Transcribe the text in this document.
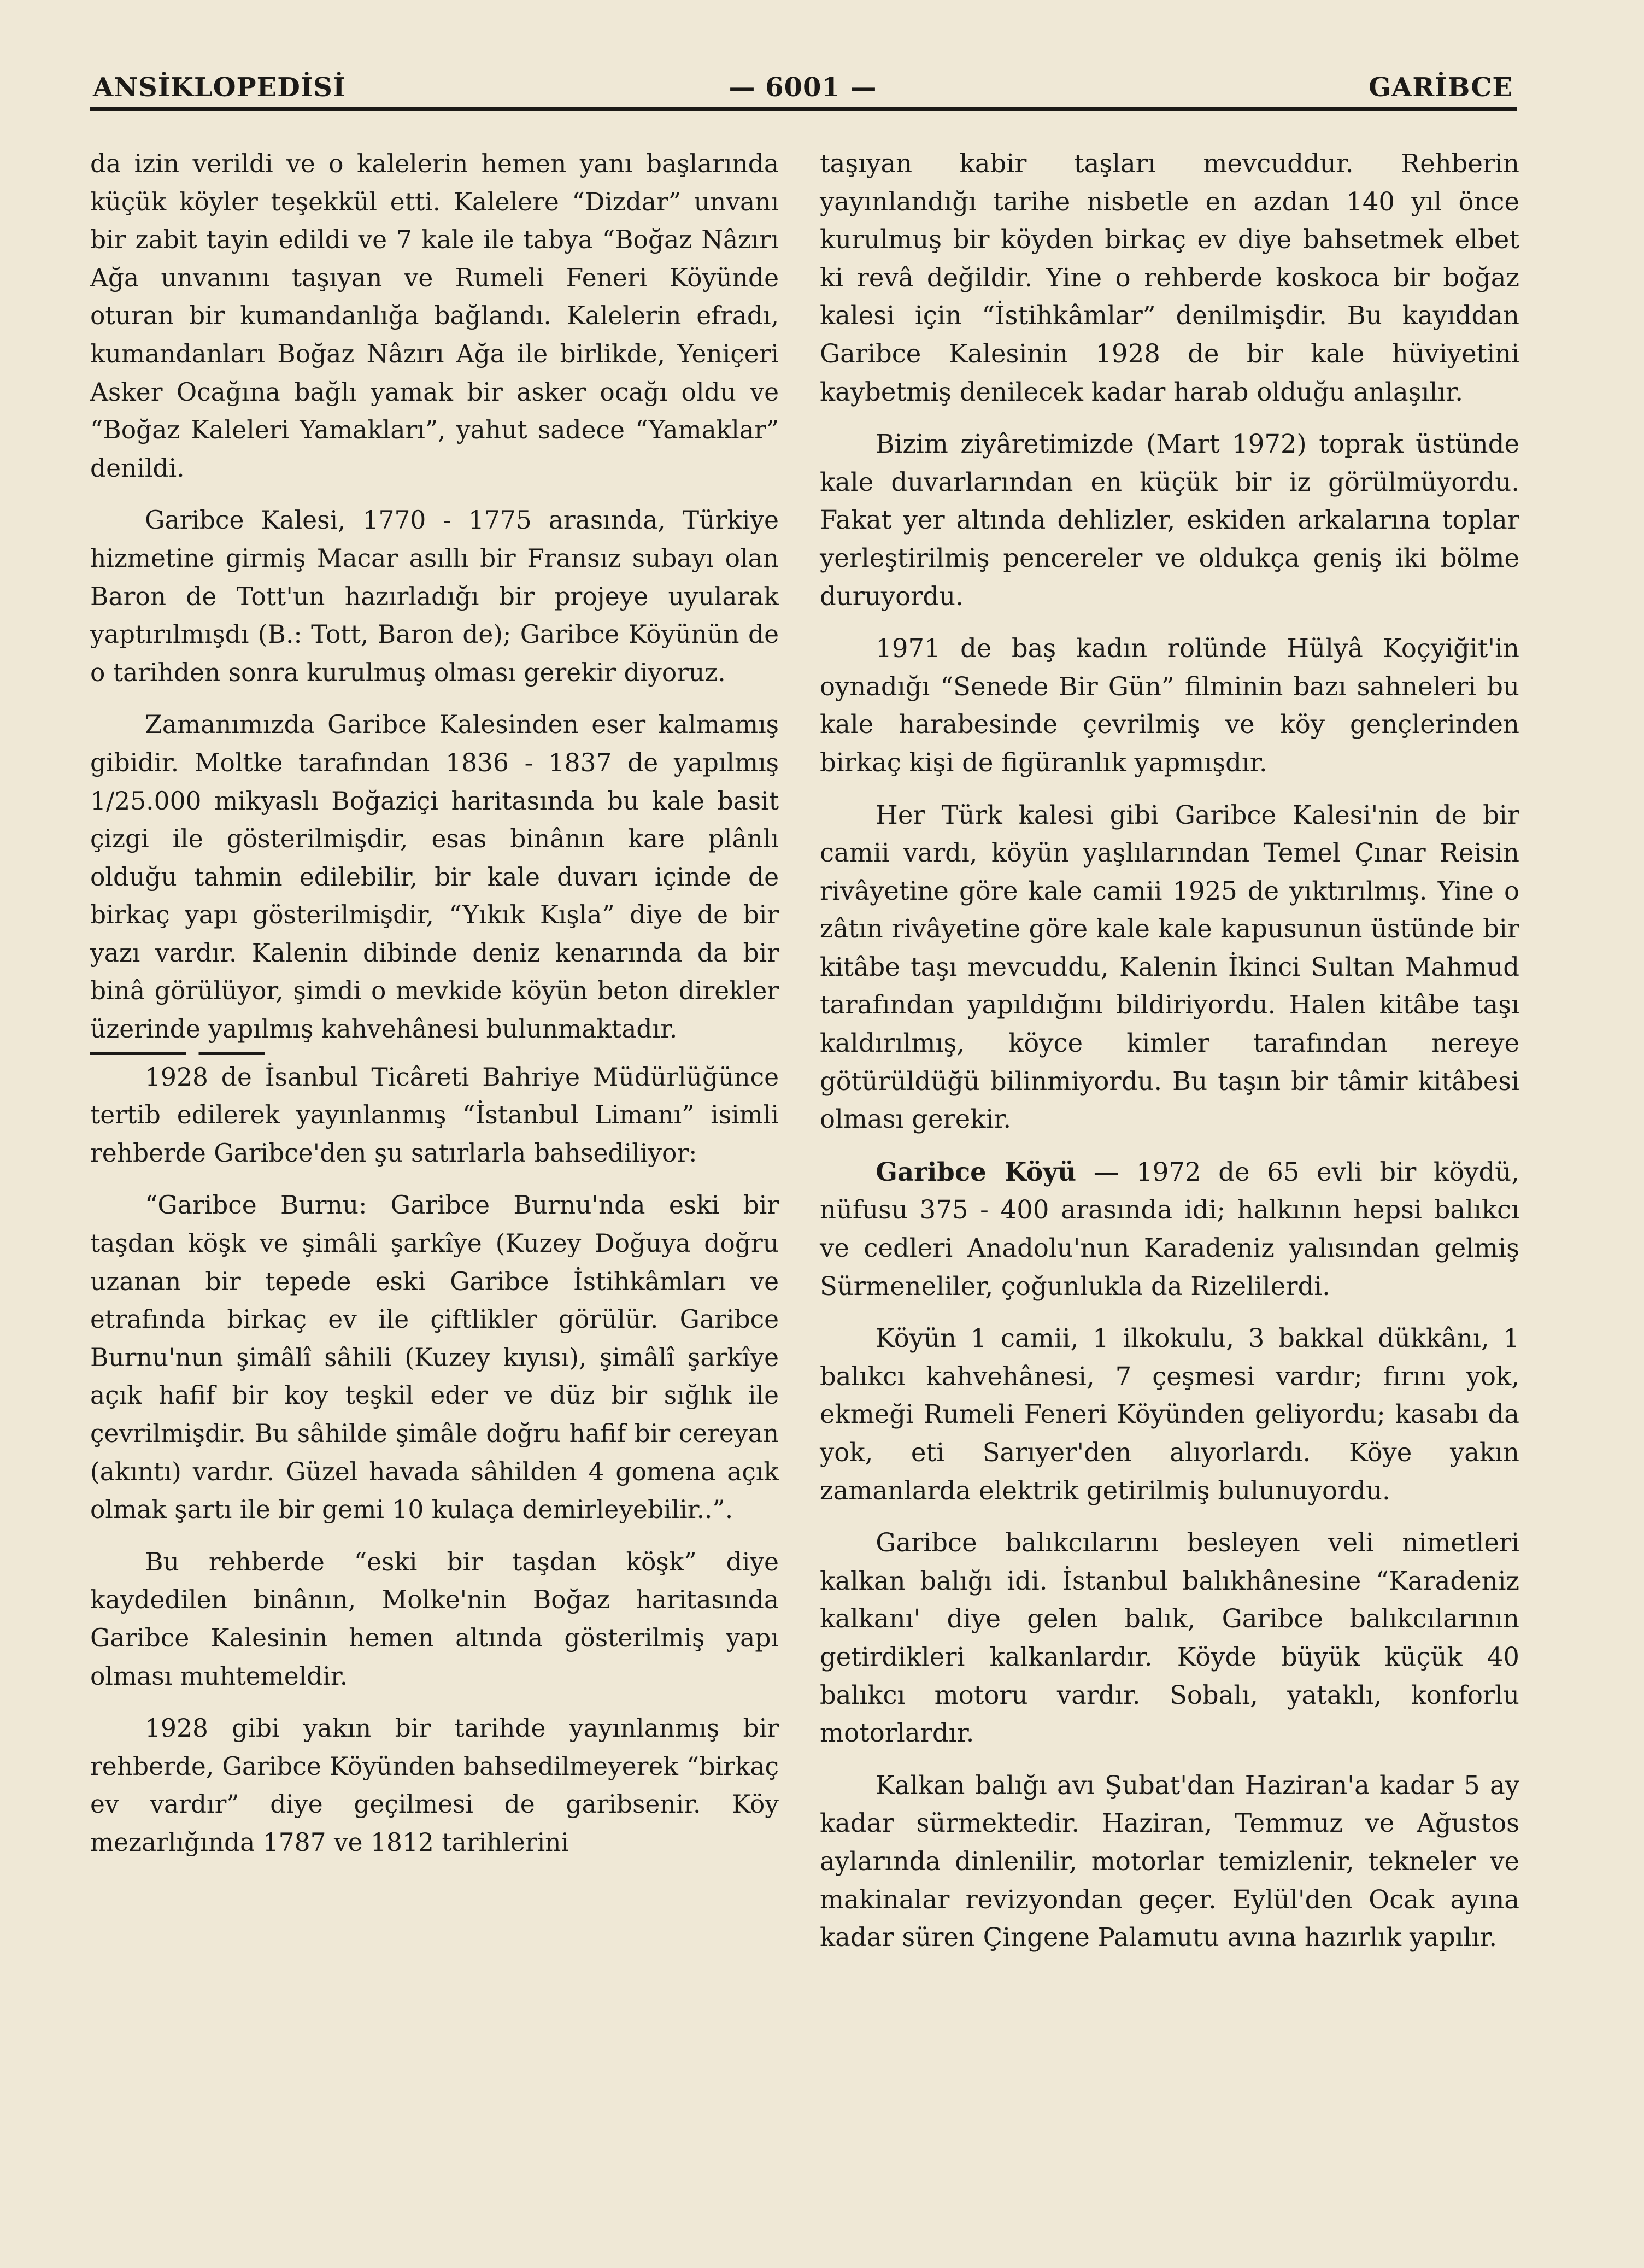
ANSİKLOPEDİSİ	— 6001 —	GARİBCE

da izin verildi ve o kalelerin hemen yanı başlarında küçük köyler teşekkül etti. Kalelere “Dizdar” unvanı bir zabit tayin edildi ve 7 kale ile tabya “Boğaz Nâzırı Ağa unvanını taşıyan ve Rumeli Feneri Köyünde oturan bir kumandanlığa bağlandı. Kalelerin efradı, kumandanları Boğaz Nâzırı Ağa ile birlikde, Yeniçeri Asker Ocağına bağlı yamak bir asker ocağı oldu ve “Boğaz Kaleleri Yamakları”, yahut sadece “Yamaklar” denildi.

Garibce Kalesi, 1770 - 1775 arasında, Türkiye hizmetine girmiş Macar asıllı bir Fransız subayı olan Baron de Tott'un hazırladığı bir projeye uyularak yaptırılmışdı (B.: Tott, Baron de); Garibce Köyünün de o tarihden sonra kurulmuş olması gerekir diyoruz.

Zamanımızda Garibce Kalesinden eser kalmamış gibidir. Moltke tarafından 1836 - 1837 de yapılmış 1/25.000 mikyaslı Boğaziçi haritasında bu kale basit çizgi ile gösterilmişdir, esas binânın kare plânlı olduğu tahmin edilebilir, bir kale duvarı içinde de birkaç yapı gösterilmişdir, “Yıkık Kışla” diye de bir yazı vardır. Kalenin dibinde deniz kenarında da bir binâ görülüyor, şimdi o mevkide köyün beton direkler üzerinde yapılmış kahvehânesi bulunmaktadır.

1928 de İsanbul Ticâreti Bahriye Müdürlüğünce tertib edilerek yayınlanmış “İstanbul Limanı” isimli rehberde Garibce'den şu satırlarla bahsediliyor:

“Garibce Burnu: Garibce Burnu'nda eski bir taşdan köşk ve şimâli şarkîye (Kuzey Doğuya doğru uzanan bir tepede eski Garibce İstihkâmları ve etrafında birkaç ev ile çiftlikler görülür. Garibce Burnu'nun şimâlî sâhili (Kuzey kıyısı), şimâlî şarkîye açık hafif bir koy teşkil eder ve düz bir sığlık ile çevrilmişdir. Bu sâhilde şimâle doğru hafif bir cereyan (akıntı) vardır. Güzel havada sâhilden 4 gomena açık olmak şartı ile bir gemi 10 kulaça demirleyebilir..”.

Bu rehberde “eski bir taşdan köşk” diye kaydedilen binânın, Molke'nin Boğaz haritasında Garibce Kalesinin hemen altında gösterilmiş yapı olması muhtemeldir.

1928 gibi yakın bir tarihde yayınlanmış bir rehberde, Garibce Köyünden bahsedilmeyerek “birkaç ev vardır” diye geçilmesi de garibsenir. Köy mezarlığında 1787 ve 1812 tarihlerini

taşıyan kabir taşları mevcuddur. Rehberin yayınlandığı tarihe nisbetle en azdan 140 yıl önce kurulmuş bir köyden birkaç ev diye bahsetmek elbet ki revâ değildir. Yine o rehberde koskoca bir boğaz kalesi için “İstihkâmlar” denilmişdir. Bu kayıddan Garibce Kalesinin 1928 de bir kale hüviyetini kaybetmiş denilecek kadar harab olduğu anlaşılır.

Bizim ziyâretimizde (Mart 1972) toprak üstünde kale duvarlarından en küçük bir iz görülmüyordu. Fakat yer altında dehlizler, eskiden arkalarına toplar yerleştirilmiş pencereler ve oldukça geniş iki bölme duruyordu.

1971 de baş kadın rolünde Hülyâ Koçyiğit'in oynadığı “Senede Bir Gün” filminin bazı sahneleri bu kale harabesinde çevrilmiş ve köy gençlerinden birkaç kişi de figüranlık yapmışdır.

Her Türk kalesi gibi Garibce Kalesi'nin de bir camii vardı, köyün yaşlılarından Temel Çınar Reisin rivâyetine göre kale camii 1925 de yıktırılmış. Yine o zâtın rivâyetine göre kale kale kapusunun üstünde bir kitâbe taşı mevcuddu, Kalenin İkinci Sultan Mahmud tarafından yapıldığını bildiriyordu. Halen kitâbe taşı kaldırılmış, köyce kimler tarafından nereye götürüldüğü bilinmiyordu. Bu taşın bir tâmir kitâbesi olması gerekir.

Garibce Köyü — 1972 de 65 evli bir köydü, nüfusu 375 - 400 arasında idi; halkının hepsi balıkcı ve cedleri Anadolu'nun Karadeniz yalısından gelmiş Sürmeneliler, çoğunlukla da Rizelilerdi.

Köyün 1 camii, 1 ilkokulu, 3 bakkal dükkânı, 1 balıkcı kahvehânesi, 7 çeşmesi vardır; fırını yok, ekmeği Rumeli Feneri Köyünden geliyordu; kasabı da yok, eti Sarıyer'den alıyorlardı. Köye yakın zamanlarda elektrik getirilmiş bulunuyordu.

Garibce balıkcılarını besleyen veli nimetleri kalkan balığı idi. İstanbul balıkhânesine “Karadeniz kalkanı' diye gelen balık, Garibce balıkcılarının getirdikleri kalkanlardır. Köyde büyük küçük 40 balıkcı motoru vardır. Sobalı, yataklı, konforlu motorlardır.

Kalkan balığı avı Şubat'dan Haziran'a kadar 5 ay kadar sürmektedir. Haziran, Temmuz ve Ağustos aylarında dinlenilir, motorlar temizlenir, tekneler ve makinalar revizyondan geçer. Eylül'den Ocak ayına kadar süren Çingene Palamutu avına hazırlık yapılır.
